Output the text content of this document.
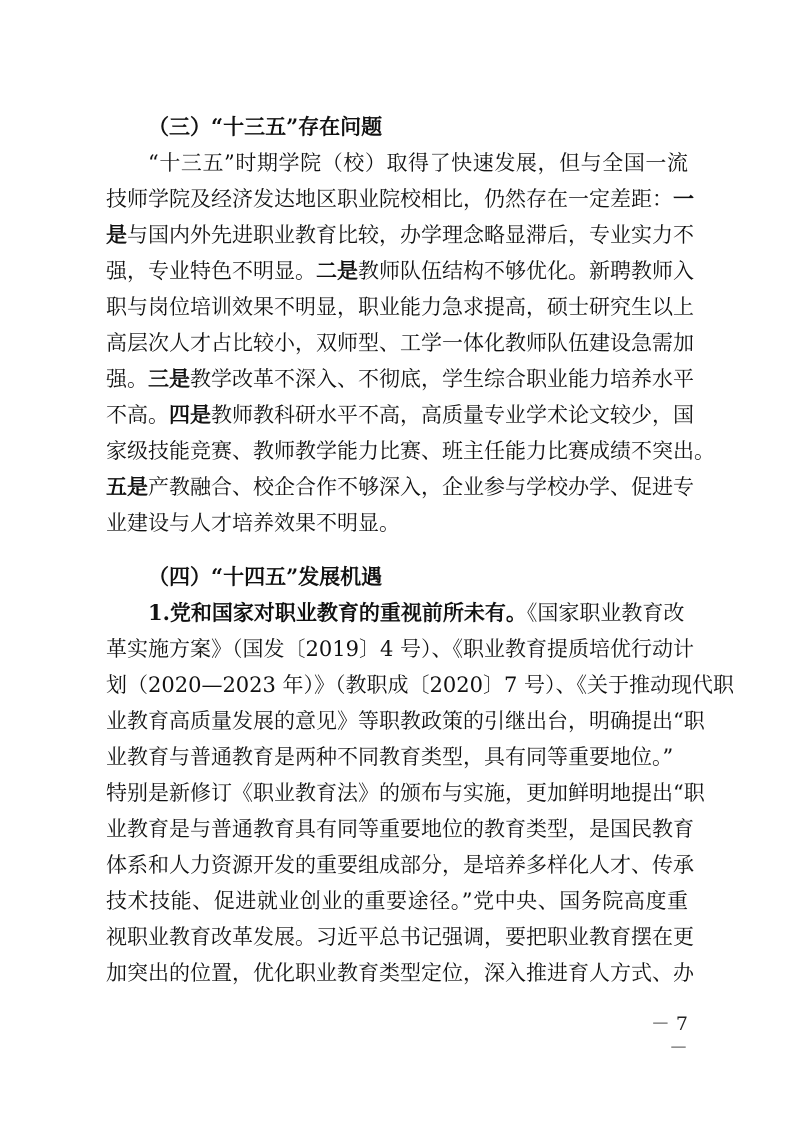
（三）“十三五”存在问题
“十三五”时期学院（校）取得了快速发展，但与全国一流
技师学院及经济发达地区职业院校相比，仍然存在一定差距：一
是与国内外先进职业教育比较，办学理念略显滞后，专业实力不
强，专业特色不明显。二是教师队伍结构不够优化。新聘教师入
职与岗位培训效果不明显，职业能力急求提高，硕士研究生以上
高层次人才占比较小，双师型、工学一体化教师队伍建设急需加
强。三是教学改革不深入、不彻底，学生综合职业能力培养水平
不高。四是教师教科研水平不高，高质量专业学术论文较少，国
家级技能竞赛、教师教学能力比赛、班主任能力比赛成绩不突出。
五是产教融合、校企合作不够深入，企业参与学校办学、促进专
业建设与人才培养效果不明显。
（四）“十四五”发展机遇
1.党和国家对职业教育的重视前所未有。《国家职业教育改
革实施方案》（国发〔2019〕4 号）、《职业教育提质培优行动计
划（2020—2023 年）》（教职成〔2020〕7 号）、《关于推动现代职
业教育高质量发展的意见》等职教政策的引继出台，明确提出“职
业教育与普通教育是两种不同教育类型，具有同等重要地位。”
特别是新修订《职业教育法》的颁布与实施，更加鲜明地提出“职
业教育是与普通教育具有同等重要地位的教育类型，是国民教育
体系和人力资源开发的重要组成部分，是培养多样化人才、传承
技术技能、促进就业创业的重要途径。”党中央、国务院高度重
视职业教育改革发展。习近平总书记强调，要把职业教育摆在更
加突出的位置，优化职业教育类型定位，深入推进育人方式、办
－ 7 －
